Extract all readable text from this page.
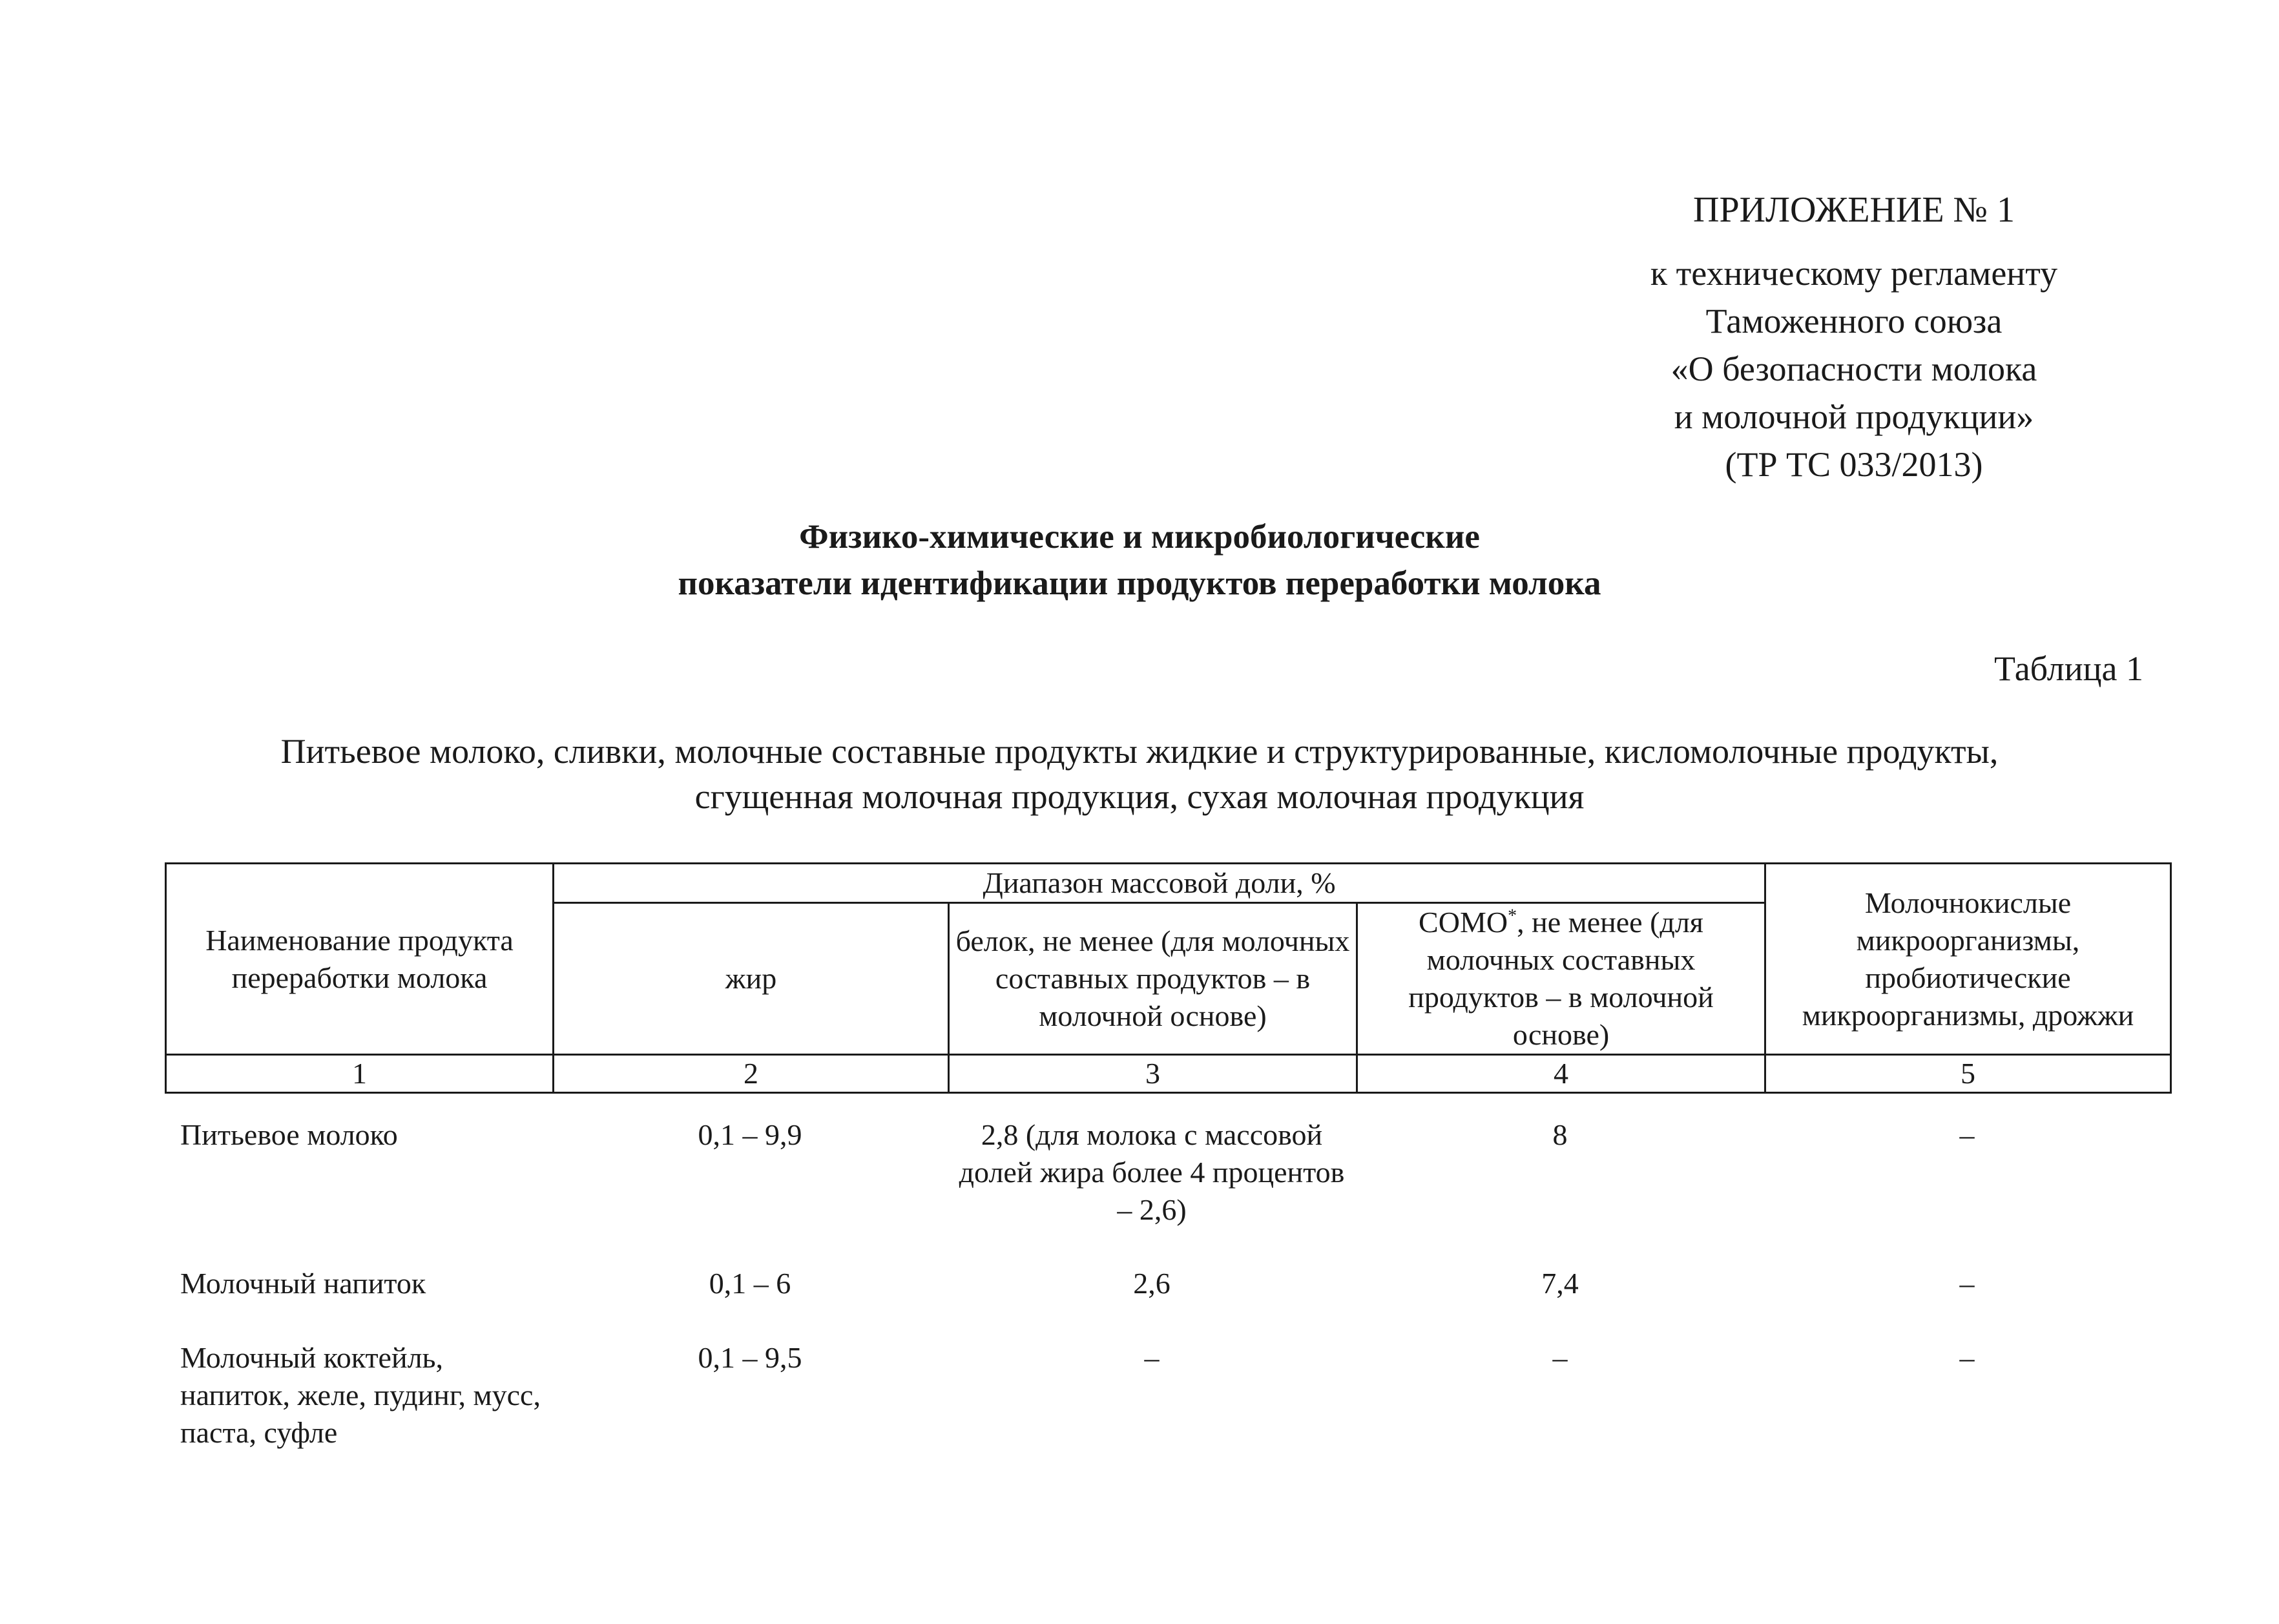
ПРИЛОЖЕНИЕ № 1
к техническому регламенту
Таможенного союза
«О безопасности молока
и молочной продукции»
(ТР ТС 033/2013)
Физико-химические и микробиологические
показатели идентификации продуктов переработки молока
Таблица 1
Питьевое молоко, сливки, молочные составные продукты жидкие и структурированные, кисломолочные продукты,
сгущенная молочная продукция, сухая молочная продукция
Наименование продукта переработки молока	Диапазон массовой доли, %			Молочнокислые микроорганизмы, пробиотические микроорганизмы, дрожжи
	жир	белок, не менее (для молочных составных продуктов – в молочной основе)	СОМО*, не менее (для молочных составных продуктов – в молочной основе)	
1	2	3	4	5
Питьевое молоко	0,1 – 9,9	2,8 (для молока с массовой долей жира более 4 процентов – 2,6)	8	–
Молочный напиток	0,1 – 6	2,6	7,4	–
Молочный коктейль, напиток, желе, пудинг, мусс, паста, суфле	0,1 – 9,5	–	–	–
